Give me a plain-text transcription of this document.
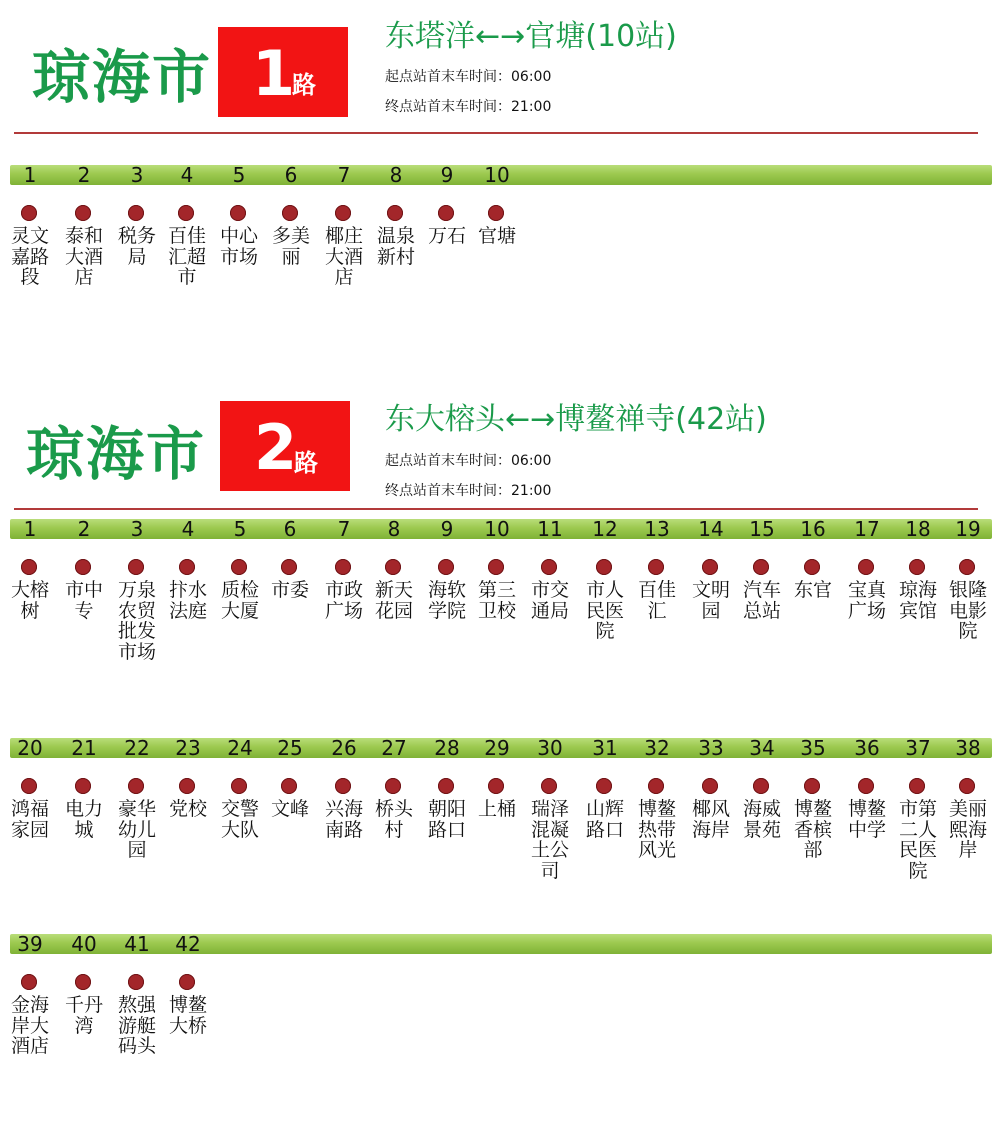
琼海市 1
路
东塔洋←→官塘(10站)
起点站首末车时间：06:00
终点站首末车时间：21:00
琼海市 2
路
东大榕头←→博鳌禅寺(42站)
起点站首末车时间：06:00
终点站首末车时间：21:00
1
灵文嘉路段
2
泰和大酒店
3
税务局
4
百佳汇超市
5
中心市场
6
多美丽
7
椰庄大酒店
8
温泉新村
9
万石
10
官塘
1
大榕树
2
市中专
3
万泉农贸批发市场
4
抃水法庭
5
质检大厦
6
市委
7
市政广场
8
新天花园
9
海软学院
10
第三卫校
11
市交通局
12
市人民医院
13
百佳汇
14
文明园
15
汽车总站
16
东官
17
宝真广场
18
琼海宾馆
19
银隆电影院
20
鸿福家园
21
电力城
22
豪华幼儿园
23
党校
24
交警大队
25
文峰
26
兴海南路
27
桥头村
28
朝阳路口
29
上桶
30
瑞泽混凝土公司
31
山辉路口
32
博鳌热带风光
33
椰风海岸
34
海威景苑
35
博鳌香槟部
36
博鳌中学
37
市第二人民医院
38
美丽熙海岸
39
金海岸大酒店
40
千丹湾
41
熬强游艇码头
42
博鳌大桥
